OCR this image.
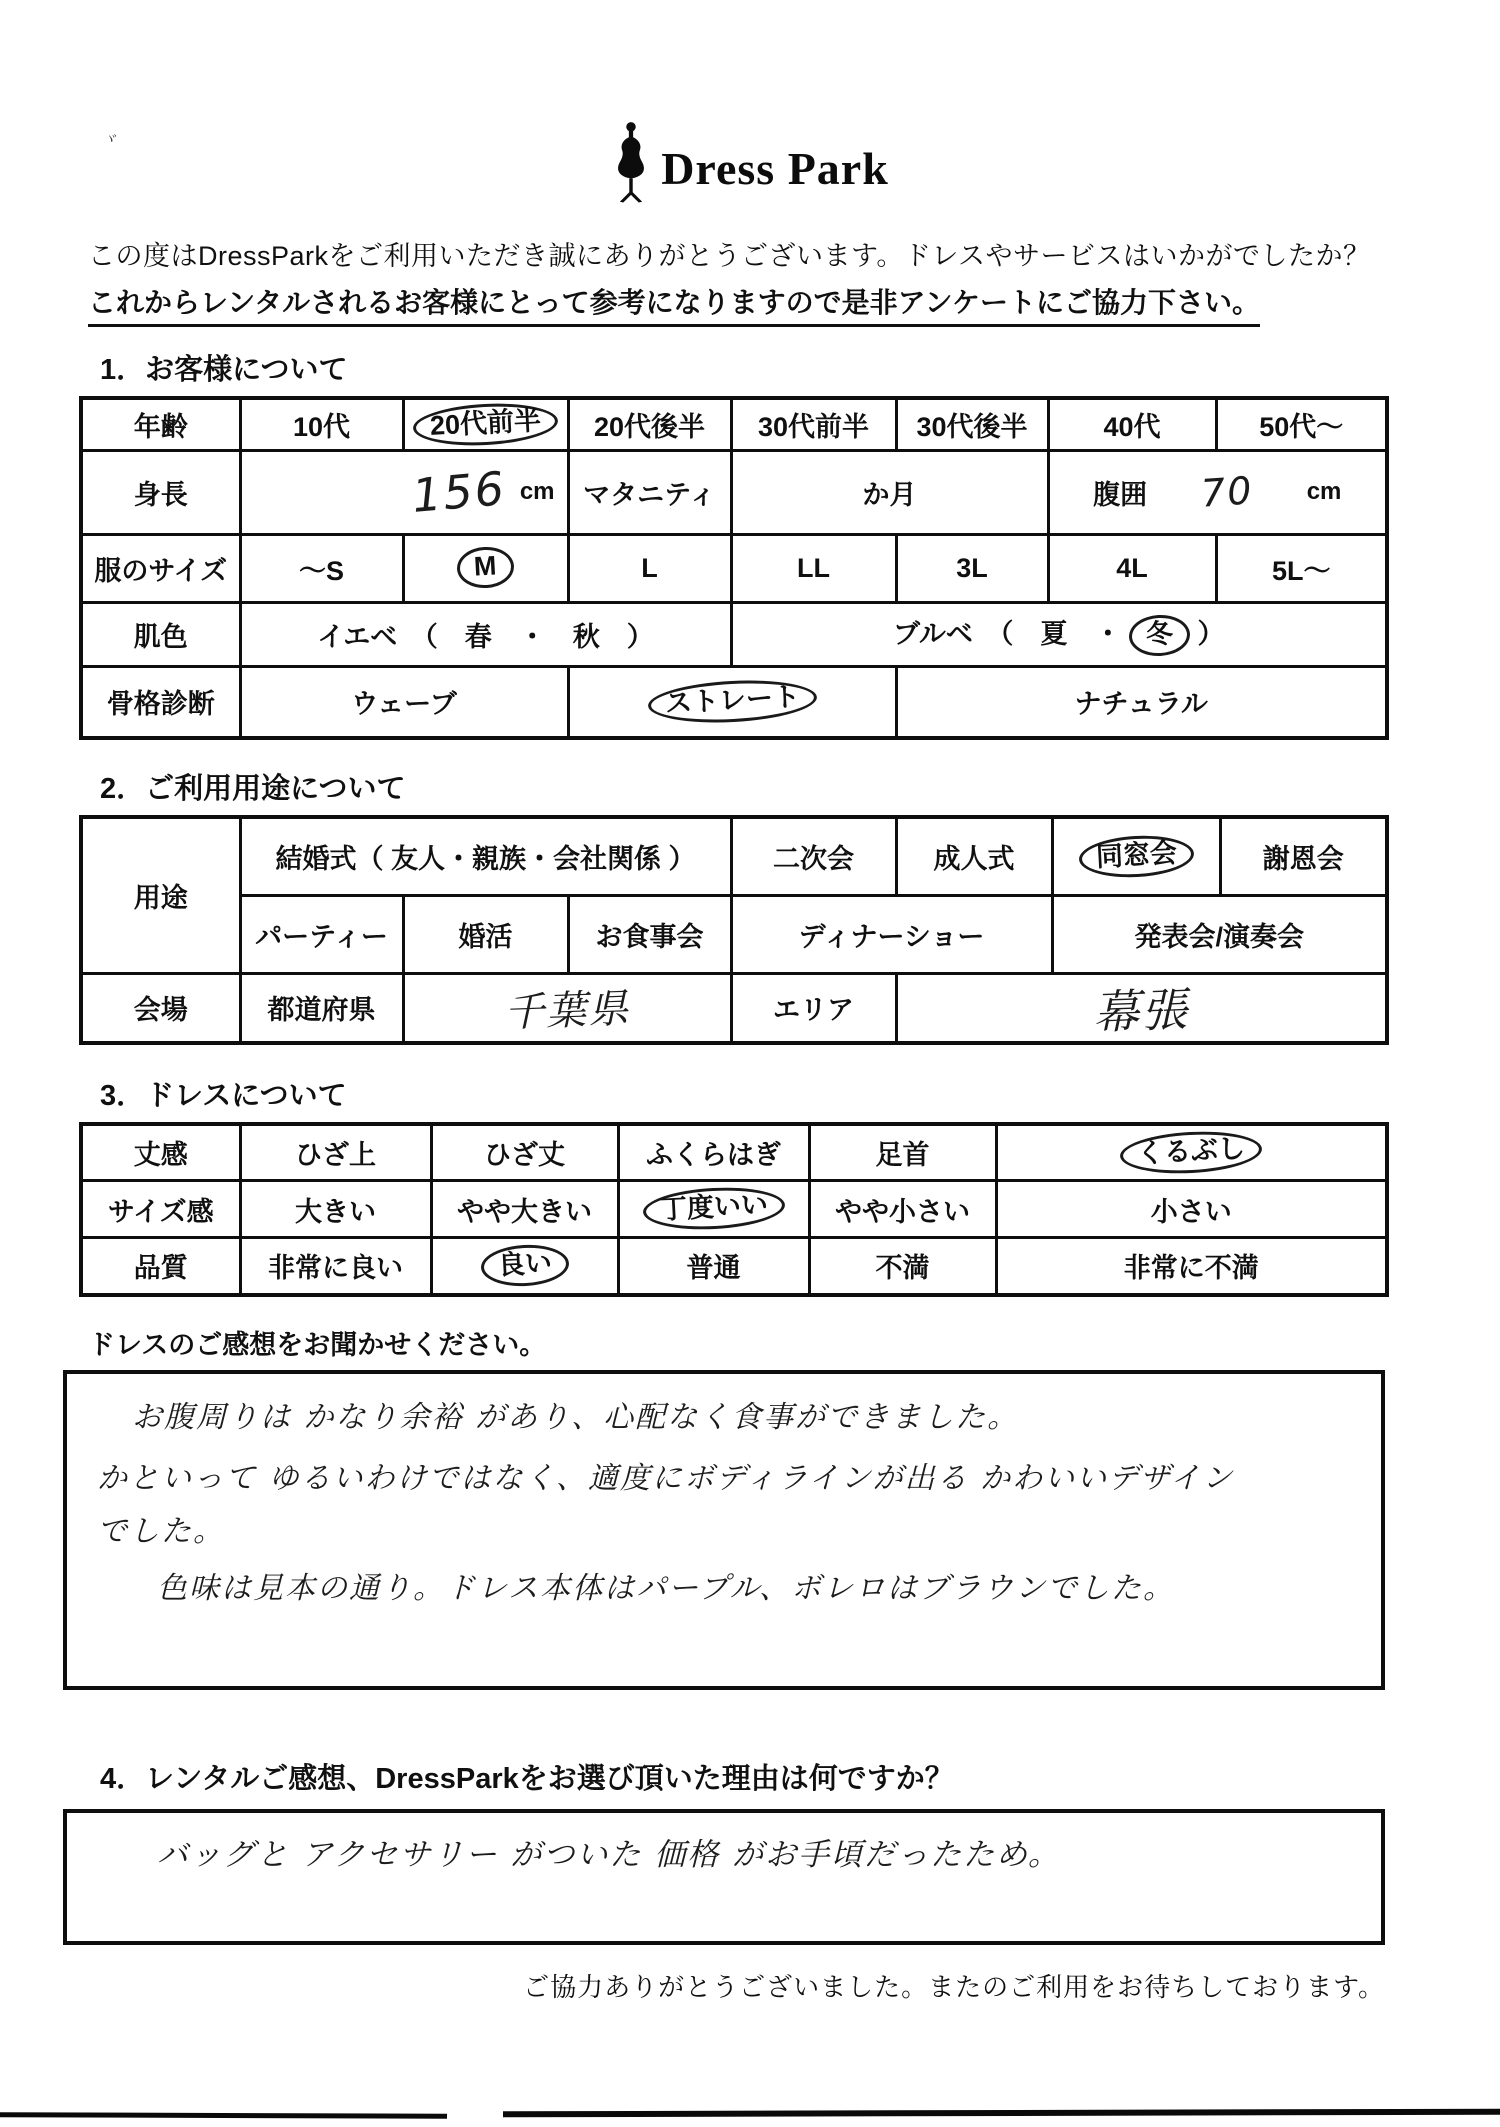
ヾ
Dress Park
この度はDressParkをご利用いただき誠にありがとうございます。ドレスやサービスはいかがでしたか？
これからレンタルされるお客様にとって参考になりますので是非アンケートにご協力下さい。
1．お客様について
年齢	10代	20代前半	20代後半	30代前半	30代後半	40代	50代～
身長	156 cm		マタニティ	か月		腹囲 70 cm	

服のサイズ	～S	M	L	LL	3L	4L	5L～
肌色	イエベ　（　春　・　秋　）			ブルベ　（　夏　・ 冬 ）			
骨格診断	ウェーブ		ストレート		ナチュラル		
2．ご利用用途について
用途	結婚式（ 友人・親族・会社関係 ）			二次会	成人式	同窓会	謝恩会
	パーティー	婚活	お食事会	ディナーショー		発表会/演奏会	
会場	都道府県	千葉県		エリア	幕張		
3．ドレスについて
丈感	ひざ上	ひざ丈	ふくらはぎ	足首	くるぶし
サイズ感	大きい	やや大きい	丁度いい	やや小さい	小さい
品質	非常に良い	良い	普通	不満	非常に不満
ドレスのご感想をお聞かせください。
お腹周りは かなり余裕 があり、心配なく食事ができました。
かといって ゆるいわけではなく、適度にボディラインが出る かわいいデザイン
でした。
色味は見本の通り。ドレス本体はパープル、ボレロはブラウンでした。
4．レンタルご感想、DressParkをお選び頂いた理由は何ですか？
バッグと アクセサリー がついた 価格 がお手頃だったため。
ご協力ありがとうございました。またのご利用をお待ちしております。
